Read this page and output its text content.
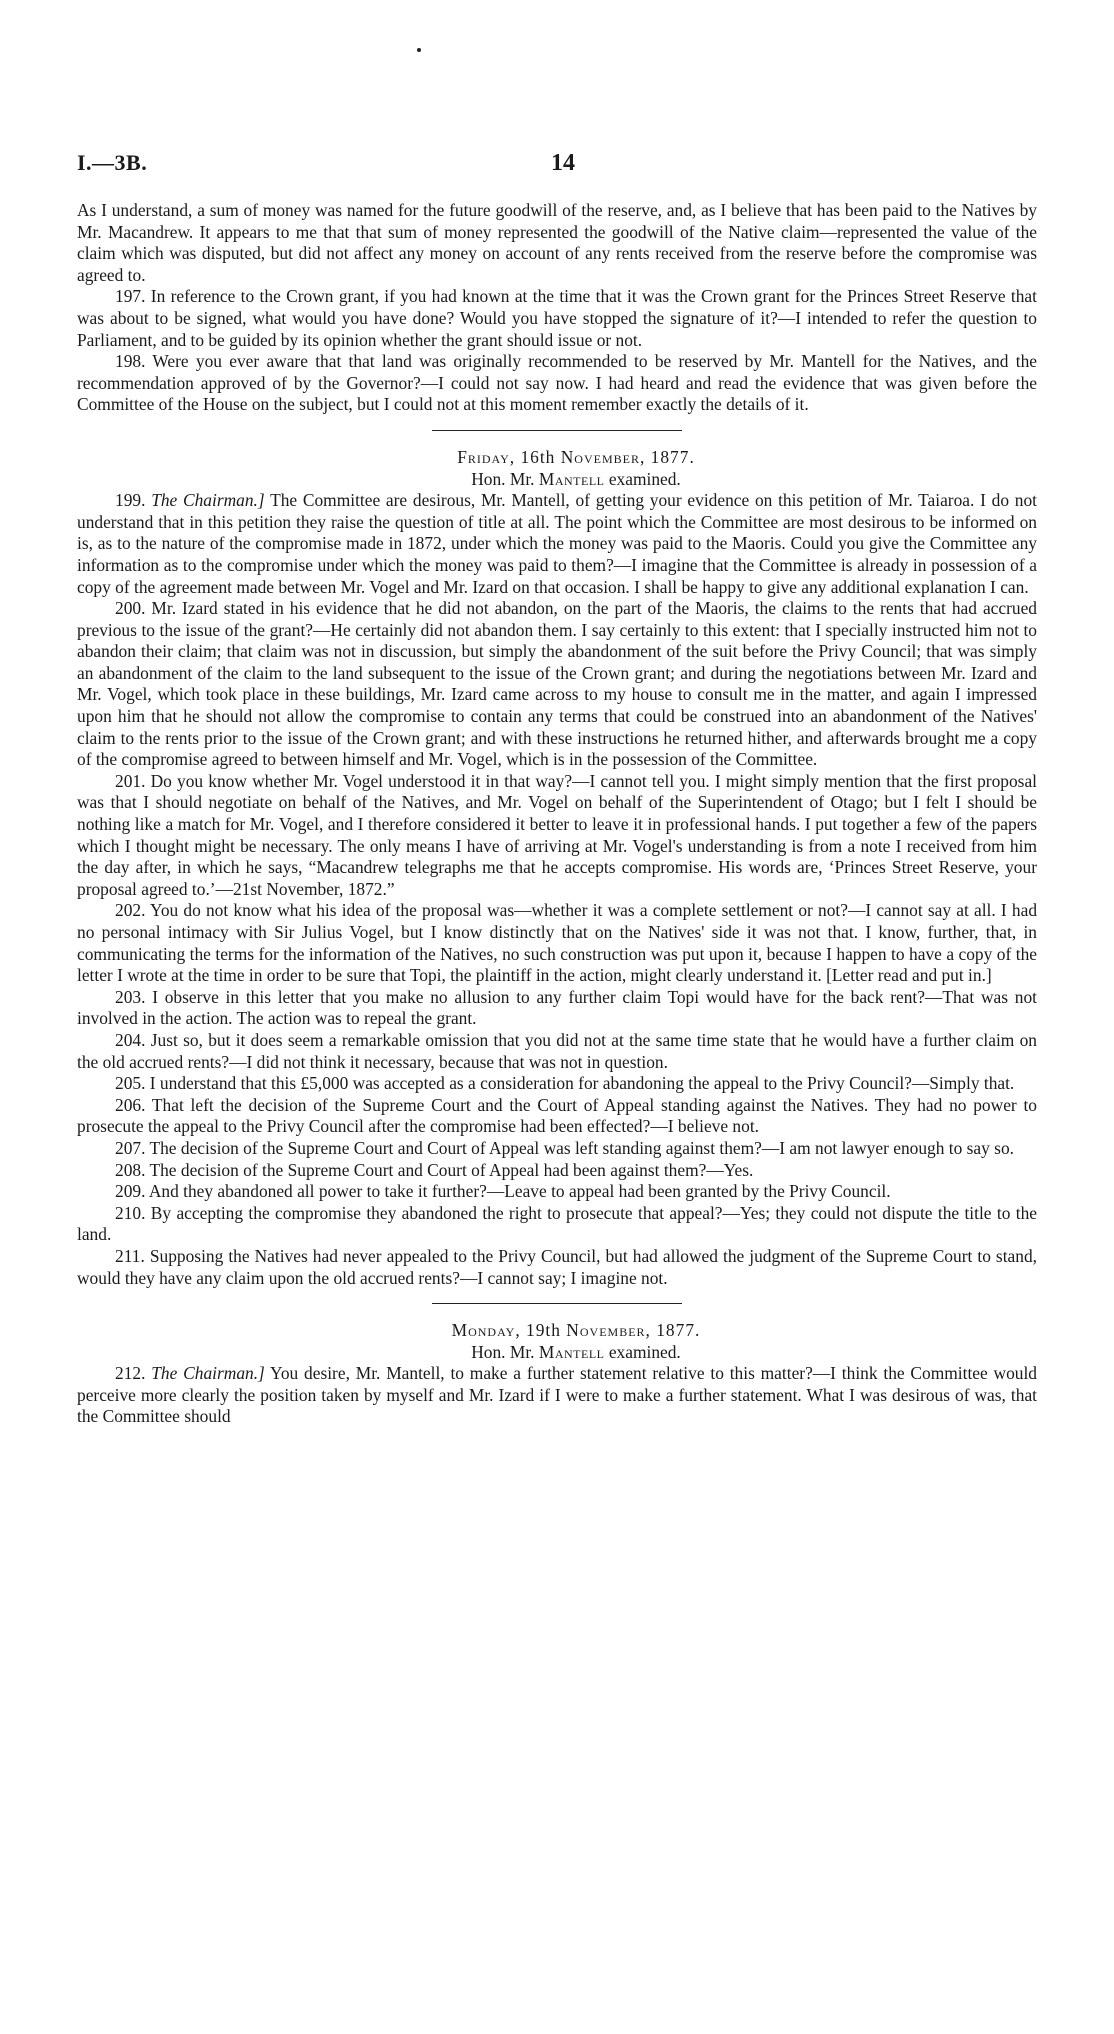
I.—3B.	14

As I understand, a sum of money was named for the future goodwill of the reserve, and, as I believe that has been paid to the Natives by Mr. Macandrew. It appears to me that that sum of money represented the goodwill of the Native claim—represented the value of the claim which was disputed, but did not affect any money on account of any rents received from the reserve before the compromise was agreed to.

197. In reference to the Crown grant, if you had known at the time that it was the Crown grant for the Princes Street Reserve that was about to be signed, what would you have done? Would you have stopped the signature of it?—I intended to refer the question to Parliament, and to be guided by its opinion whether the grant should issue or not.

198. Were you ever aware that that land was originally recommended to be reserved by Mr. Mantell for the Natives, and the recommendation approved of by the Governor?—I could not say now. I had heard and read the evidence that was given before the Committee of the House on the subject, but I could not at this moment remember exactly the details of it.

Friday, 16th November, 1877.

Hon. Mr. Mantell examined.

199. The Chairman.] The Committee are desirous, Mr. Mantell, of getting your evidence on this petition of Mr. Taiaroa. I do not understand that in this petition they raise the question of title at all. The point which the Committee are most desirous to be informed on is, as to the nature of the compromise made in 1872, under which the money was paid to the Maoris. Could you give the Committee any information as to the compromise under which the money was paid to them?—I imagine that the Committee is already in possession of a copy of the agreement made between Mr. Vogel and Mr. Izard on that occasion. I shall be happy to give any additional explanation I can.

200. Mr. Izard stated in his evidence that he did not abandon, on the part of the Maoris, the claims to the rents that had accrued previous to the issue of the grant?—He certainly did not abandon them. I say certainly to this extent: that I specially instructed him not to abandon their claim; that claim was not in discussion, but simply the abandonment of the suit before the Privy Council; that was simply an abandonment of the claim to the land subsequent to the issue of the Crown grant; and during the negotiations between Mr. Izard and Mr. Vogel, which took place in these buildings, Mr. Izard came across to my house to consult me in the matter, and again I impressed upon him that he should not allow the compromise to contain any terms that could be construed into an abandonment of the Natives' claim to the rents prior to the issue of the Crown grant; and with these instructions he returned hither, and afterwards brought me a copy of the compromise agreed to between himself and Mr. Vogel, which is in the possession of the Committee.

201. Do you know whether Mr. Vogel understood it in that way?—I cannot tell you. I might simply mention that the first proposal was that I should negotiate on behalf of the Natives, and Mr. Vogel on behalf of the Superintendent of Otago; but I felt I should be nothing like a match for Mr. Vogel, and I therefore considered it better to leave it in professional hands. I put together a few of the papers which I thought might be necessary. The only means I have of arriving at Mr. Vogel's understanding is from a note I received from him the day after, in which he says, “Macandrew telegraphs me that he accepts compromise. His words are, ‘Princes Street Reserve, your proposal agreed to.’—21st November, 1872.”

202. You do not know what his idea of the proposal was—whether it was a complete settlement or not?—I cannot say at all. I had no personal intimacy with Sir Julius Vogel, but I know distinctly that on the Natives' side it was not that. I know, further, that, in communicating the terms for the information of the Natives, no such construction was put upon it, because I happen to have a copy of the letter I wrote at the time in order to be sure that Topi, the plaintiff in the action, might clearly understand it. [Letter read and put in.]

203. I observe in this letter that you make no allusion to any further claim Topi would have for the back rent?—That was not involved in the action. The action was to repeal the grant.

204. Just so, but it does seem a remarkable omission that you did not at the same time state that he would have a further claim on the old accrued rents?—I did not think it necessary, because that was not in question.

205. I understand that this £5,000 was accepted as a consideration for abandoning the appeal to the Privy Council?—Simply that.

206. That left the decision of the Supreme Court and the Court of Appeal standing against the Natives. They had no power to prosecute the appeal to the Privy Council after the compromise had been effected?—I believe not.

207. The decision of the Supreme Court and Court of Appeal was left standing against them?—I am not lawyer enough to say so.

208. The decision of the Supreme Court and Court of Appeal had been against them?—Yes.

209. And they abandoned all power to take it further?—Leave to appeal had been granted by the Privy Council.

210. By accepting the compromise they abandoned the right to prosecute that appeal?—Yes; they could not dispute the title to the land.

211. Supposing the Natives had never appealed to the Privy Council, but had allowed the judgment of the Supreme Court to stand, would they have any claim upon the old accrued rents?—I cannot say; I imagine not.

Monday, 19th November, 1877.

Hon. Mr. Mantell examined.

212. The Chairman.] You desire, Mr. Mantell, to make a further statement relative to this matter?—I think the Committee would perceive more clearly the position taken by myself and Mr. Izard if I were to make a further statement. What I was desirous of was, that the Committee should
